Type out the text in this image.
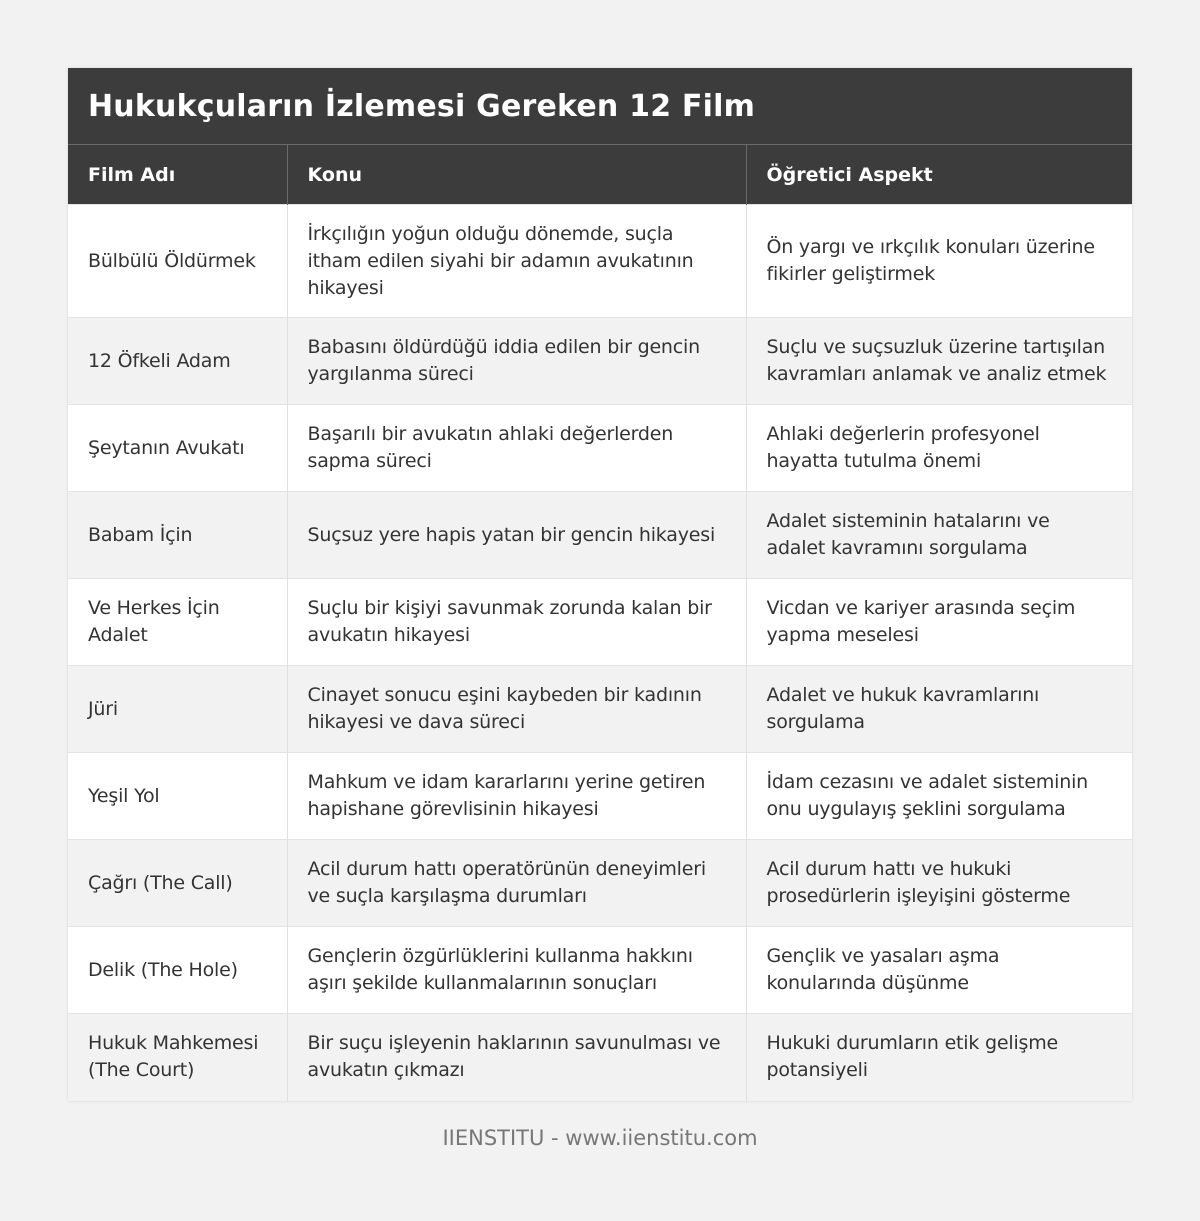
Hukukçuların İzlemesi Gereken 12 Film
Film Adı	Konu	Öğretici Aspekt
Bülbülü Öldürmek	İrkçılığın yoğun olduğu dönemde, suçla itham edilen siyahi bir adamın avukatının hikayesi	Ön yargı ve ırkçılık konuları üzerine fikirler geliştirmek
12 Öfkeli Adam	Babasını öldürdüğü iddia edilen bir gencin yargılanma süreci	Suçlu ve suçsuzluk üzerine tartışılan kavramları anlamak ve analiz etmek
Şeytanın Avukatı	Başarılı bir avukatın ahlaki değerlerden sapma süreci	Ahlaki değerlerin profesyonel hayatta tutulma önemi
Babam İçin	Suçsuz yere hapis yatan bir gencin hikayesi	Adalet sisteminin hatalarını ve adalet kavramını sorgulama
Ve Herkes İçin Adalet	Suçlu bir kişiyi savunmak zorunda kalan bir avukatın hikayesi	Vicdan ve kariyer arasında seçim yapma meselesi
Jüri	Cinayet sonucu eşini kaybeden bir kadının hikayesi ve dava süreci	Adalet ve hukuk kavramlarını sorgulama
Yeşil Yol	Mahkum ve idam kararlarını yerine getiren hapishane görevlisinin hikayesi	İdam cezasını ve adalet sisteminin onu uygulayış şeklini sorgulama
Çağrı (The Call)	Acil durum hattı operatörünün deneyimleri ve suçla karşılaşma durumları	Acil durum hattı ve hukuki prosedürlerin işleyişini gösterme
Delik (The Hole)	Gençlerin özgürlüklerini kullanma hakkını aşırı şekilde kullanmalarının sonuçları	Gençlik ve yasaları aşma konularında düşünme
Hukuk Mahkemesi (The Court)	Bir suçu işleyenin haklarının savunulması ve avukatın çıkmazı	Hukuki durumların etik gelişme potansiyeli
IIENSTITU - www.iienstitu.com
